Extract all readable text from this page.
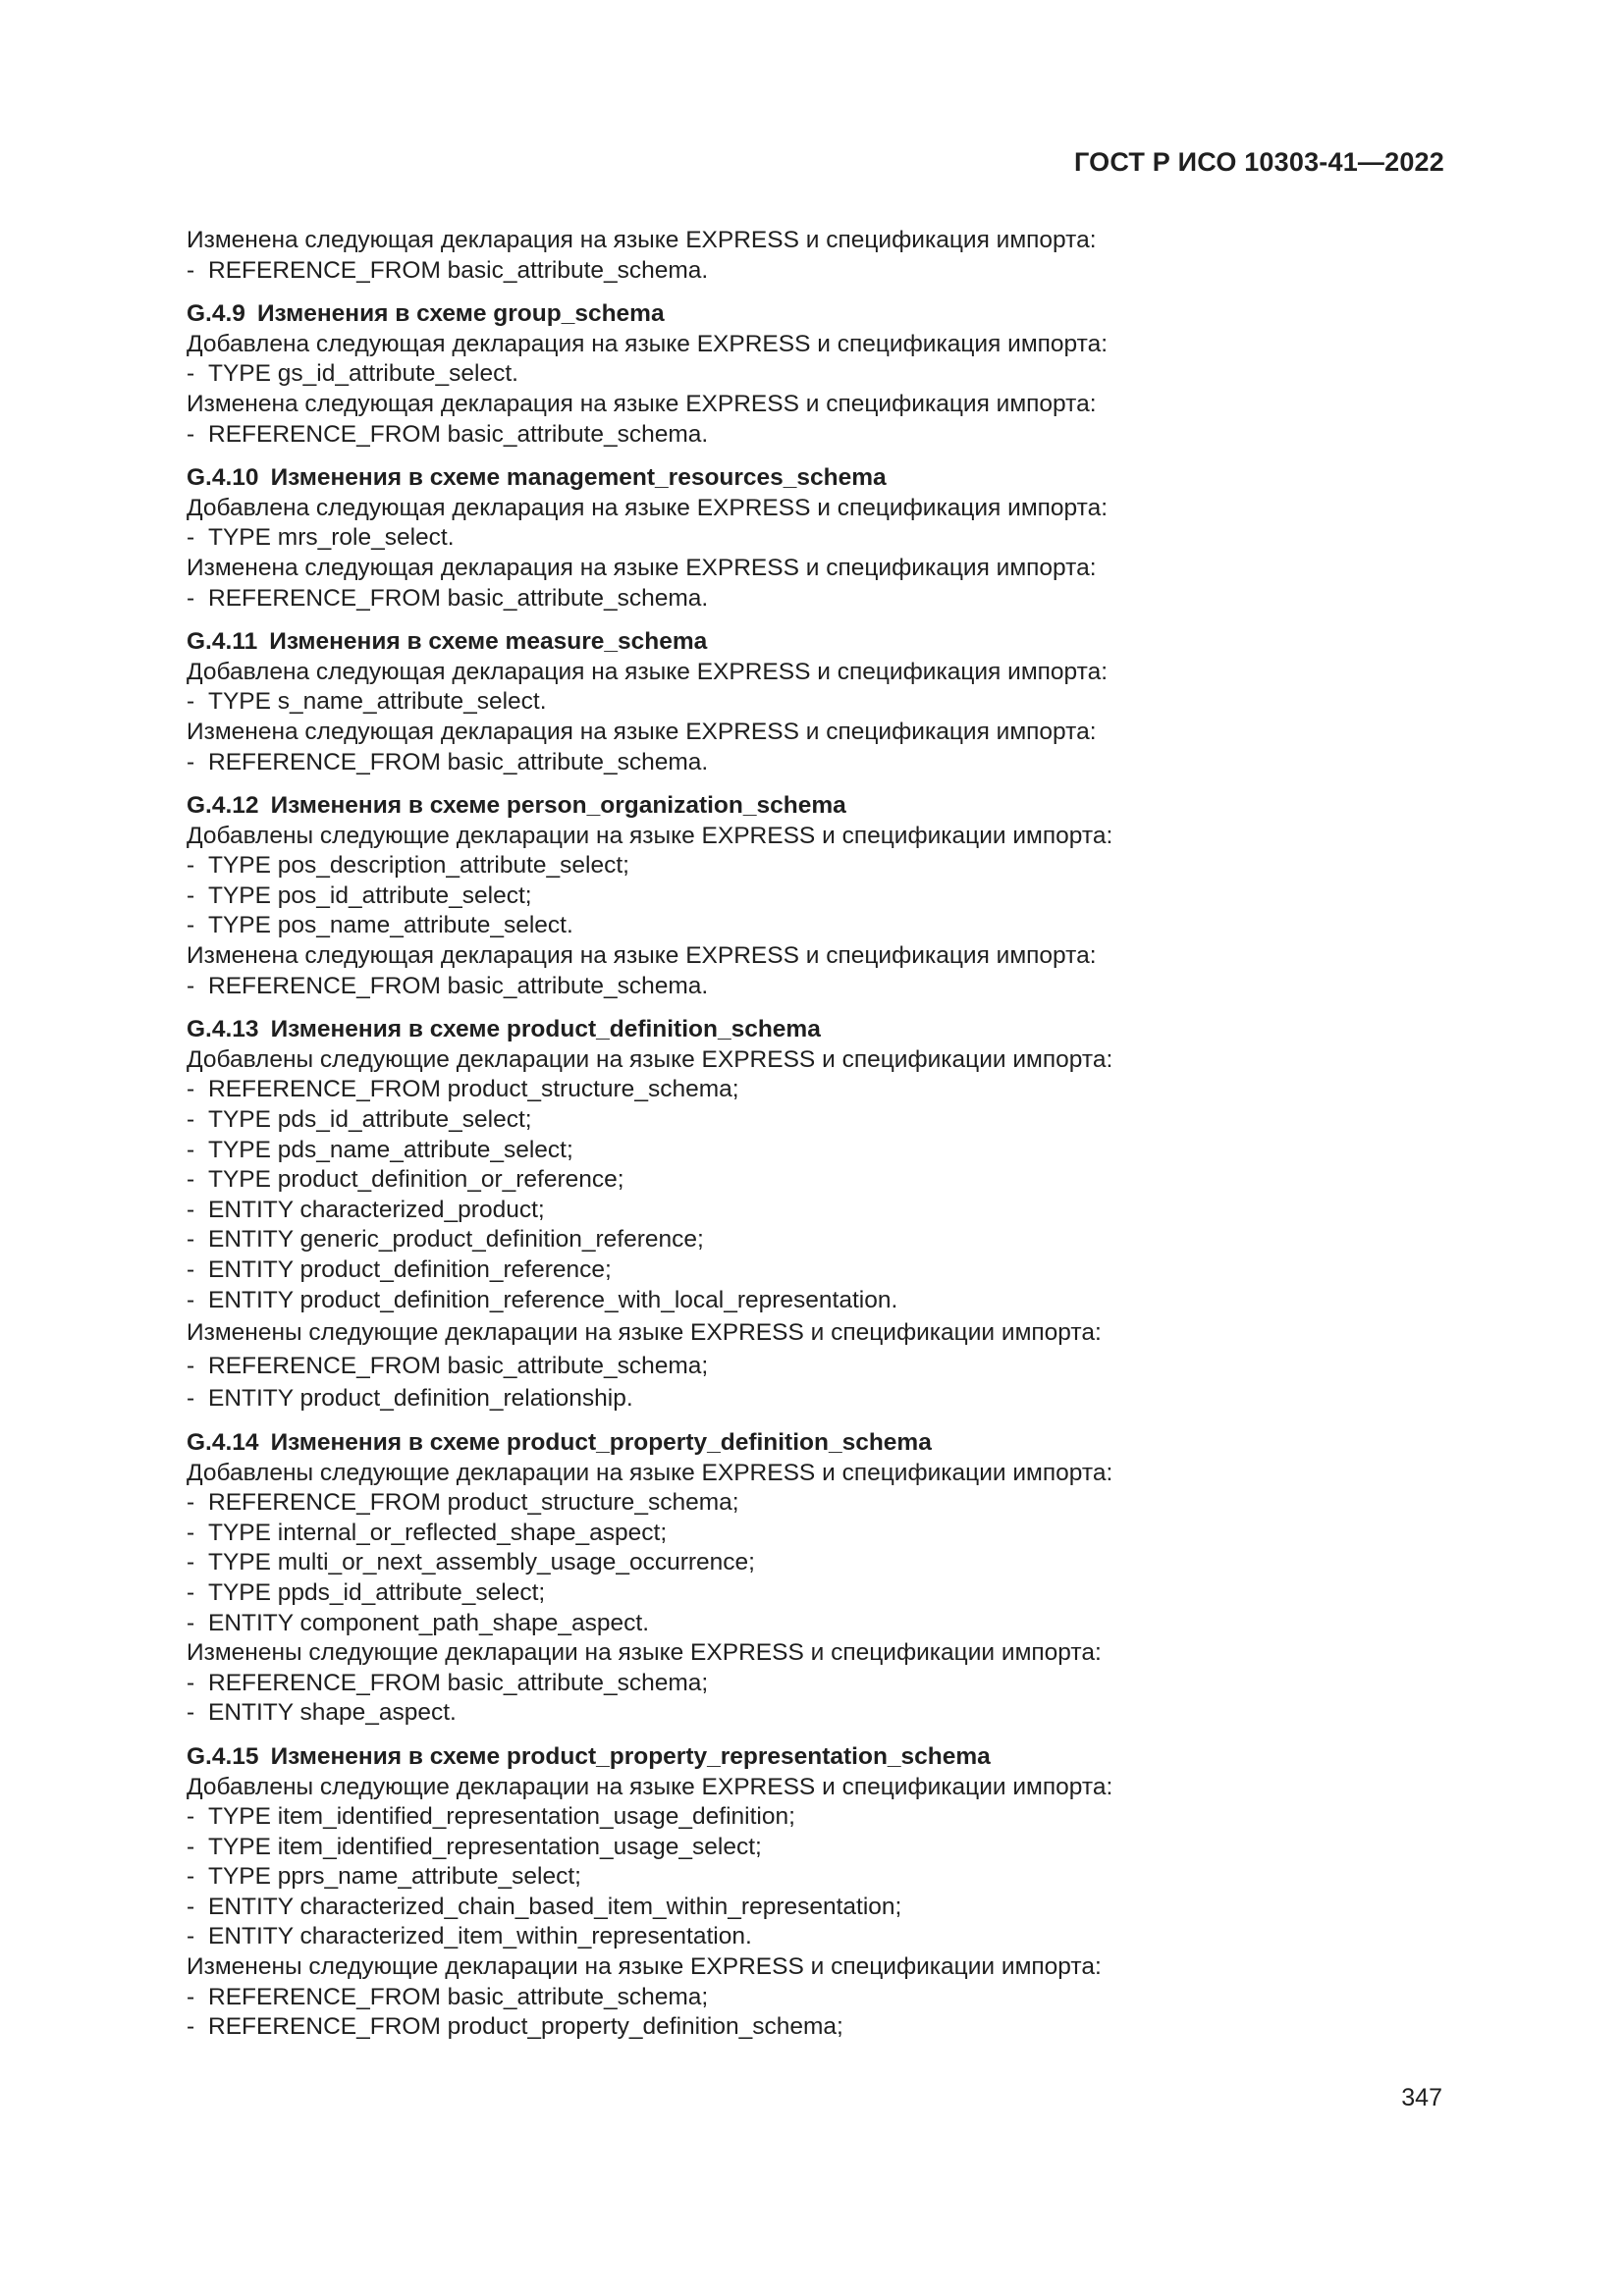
ГОСТ Р ИСО 10303-41—2022

Изменена следующая декларация на языке EXPRESS и спецификация импорта:

- REFERENCE_FROM basic_attribute_schema.

G.4.9 Изменения в схеме group_schema

Добавлена следующая декларация на языке EXPRESS и спецификация импорта:

- TYPE gs_id_attribute_select.

Изменена следующая декларация на языке EXPRESS и спецификация импорта:

- REFERENCE_FROM basic_attribute_schema.

G.4.10 Изменения в схеме management_resources_schema

Добавлена следующая декларация на языке EXPRESS и спецификация импорта:

- TYPE mrs_role_select.

Изменена следующая декларация на языке EXPRESS и спецификация импорта:

- REFERENCE_FROM basic_attribute_schema.

G.4.11 Изменения в схеме measure_schema

Добавлена следующая декларация на языке EXPRESS и спецификация импорта:

- TYPE s_name_attribute_select.

Изменена следующая декларация на языке EXPRESS и спецификация импорта:

- REFERENCE_FROM basic_attribute_schema.

G.4.12 Изменения в схеме person_organization_schema

Добавлены следующие декларации на языке EXPRESS и спецификации импорта:

- TYPE pos_description_attribute_select;

- TYPE pos_id_attribute_select;

- TYPE pos_name_attribute_select.

Изменена следующая декларация на языке EXPRESS и спецификация импорта:

- REFERENCE_FROM basic_attribute_schema.

G.4.13 Изменения в схеме product_definition_schema

Добавлены следующие декларации на языке EXPRESS и спецификации импорта:

- REFERENCE_FROM product_structure_schema;

- TYPE pds_id_attribute_select;

- TYPE pds_name_attribute_select;

- TYPE product_definition_or_reference;

- ENTITY characterized_product;

- ENTITY generic_product_definition_reference;

- ENTITY product_definition_reference;

- ENTITY product_definition_reference_with_local_representation.

Изменены следующие декларации на языке EXPRESS и спецификации импорта:

- REFERENCE_FROM basic_attribute_schema;

- ENTITY product_definition_relationship.

G.4.14 Изменения в схеме product_property_definition_schema

Добавлены следующие декларации на языке EXPRESS и спецификации импорта:

- REFERENCE_FROM product_structure_schema;

- TYPE internal_or_reflected_shape_aspect;

- TYPE multi_or_next_assembly_usage_occurrence;

- TYPE ppds_id_attribute_select;

- ENTITY component_path_shape_aspect.

Изменены следующие декларации на языке EXPRESS и спецификации импорта:

- REFERENCE_FROM basic_attribute_schema;

- ENTITY shape_aspect.

G.4.15 Изменения в схеме product_property_representation_schema

Добавлены следующие декларации на языке EXPRESS и спецификации импорта:

- TYPE item_identified_representation_usage_definition;

- TYPE item_identified_representation_usage_select;

- TYPE pprs_name_attribute_select;

- ENTITY characterized_chain_based_item_within_representation;

- ENTITY characterized_item_within_representation.

Изменены следующие декларации на языке EXPRESS и спецификации импорта:

- REFERENCE_FROM basic_attribute_schema;

- REFERENCE_FROM product_property_definition_schema;

347
